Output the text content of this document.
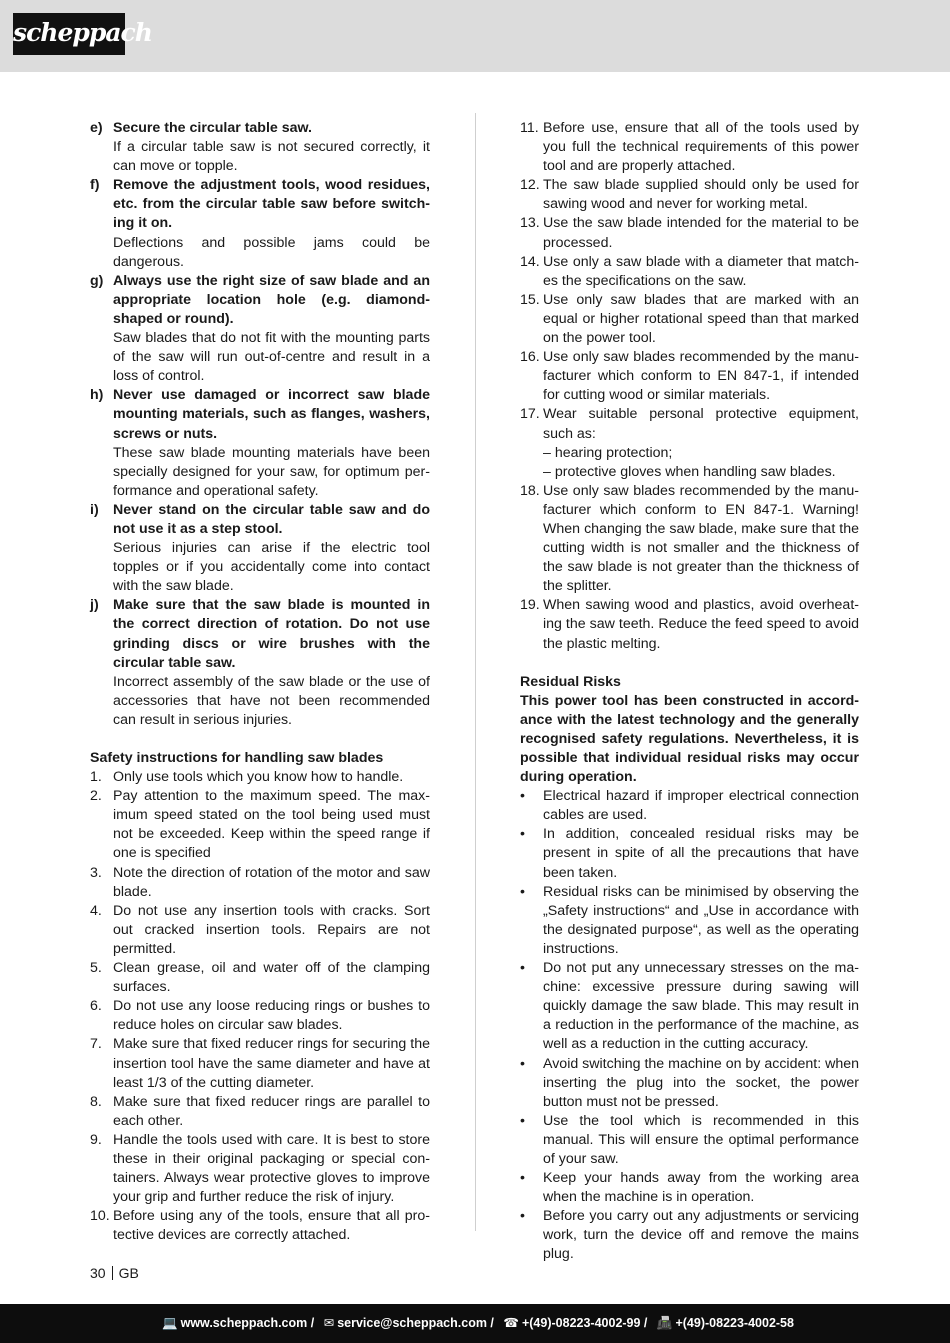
scheppach
e) Secure the circular table saw.
If a circular table saw is not secured correctly, it can move or topple.
f) Remove the adjustment tools, wood residues, etc. from the circular table saw before switching it on.
Deflections and possible jams could be dangerous.
g) Always use the right size of saw blade and an appropriate location hole (e.g. diamond-shaped or round).
Saw blades that do not fit with the mounting parts of the saw will run out-of-centre and result in a loss of control.
h) Never use damaged or incorrect saw blade mounting materials, such as flanges, washers, screws or nuts.
These saw blade mounting materials have been specially designed for your saw, for optimum performance and operational safety.
i) Never stand on the circular table saw and do not use it as a step stool.
Serious injuries can arise if the electric tool topples or if you accidentally come into contact with the saw blade.
j) Make sure that the saw blade is mounted in the correct direction of rotation. Do not use grinding discs or wire brushes with the circular table saw.
Incorrect assembly of the saw blade or the use of accessories that have not been recommended can result in serious injuries.
Safety instructions for handling saw blades
1. Only use tools which you know how to handle.
2. Pay attention to the maximum speed. The maximum speed stated on the tool being used must not be exceeded. Keep within the speed range if one is specified
3. Note the direction of rotation of the motor and saw blade.
4. Do not use any insertion tools with cracks. Sort out cracked insertion tools. Repairs are not permitted.
5. Clean grease, oil and water off of the clamping surfaces.
6. Do not use any loose reducing rings or bushes to reduce holes on circular saw blades.
7. Make sure that fixed reducer rings for securing the insertion tool have the same diameter and have at least 1/3 of the cutting diameter.
8. Make sure that fixed reducer rings are parallel to each other.
9. Handle the tools used with care. It is best to store these in their original packaging or special containers. Always wear protective gloves to improve your grip and further reduce the risk of injury.
10. Before using any of the tools, ensure that all protective devices are correctly attached.
11. Before use, ensure that all of the tools used by you full the technical requirements of this power tool and are properly attached.
12. The saw blade supplied should only be used for sawing wood and never for working metal.
13. Use the saw blade intended for the material to be processed.
14. Use only a saw blade with a diameter that matches the specifications on the saw.
15. Use only saw blades that are marked with an equal or higher rotational speed than that marked on the power tool.
16. Use only saw blades recommended by the manufacturer which conform to EN 847-1, if intended for cutting wood or similar materials.
17. Wear suitable personal protective equipment, such as:
– hearing protection;
– protective gloves when handling saw blades.
18. Use only saw blades recommended by the manufacturer which conform to EN 847-1. Warning! When changing the saw blade, make sure that the cutting width is not smaller and the thickness of the saw blade is not greater than the thickness of the splitter.
19. When sawing wood and plastics, avoid overheating the saw teeth. Reduce the feed speed to avoid the plastic melting.
Residual Risks
This power tool has been constructed in accordance with the latest technology and the generally recognised safety regulations. Nevertheless, it is possible that individual residual risks may occur during operation.
• Electrical hazard if improper electrical connection cables are used.
• In addition, concealed residual risks may be present in spite of all the precautions that have been taken.
• Residual risks can be minimised by observing the „Safety instructions“ and „Use in accordance with the designated purpose“, as well as the operating instructions.
• Do not put any unnecessary stresses on the machine: excessive pressure during sawing will quickly damage the saw blade. This may result in a reduction in the performance of the machine, as well as a reduction in the cutting accuracy.
• Avoid switching the machine on by accident: when inserting the plug into the socket, the power button must not be pressed.
• Use the tool which is recommended in this manual. This will ensure the optimal performance of your saw.
• Keep your hands away from the working area when the machine is in operation.
• Before you carry out any adjustments or servicing work, turn the device off and remove the mains plug.
30 GB
💻 www.scheppach.com / ✉ service@scheppach.com / ☎ +(49)-08223-4002-99 / 📠 +(49)-08223-4002-58
